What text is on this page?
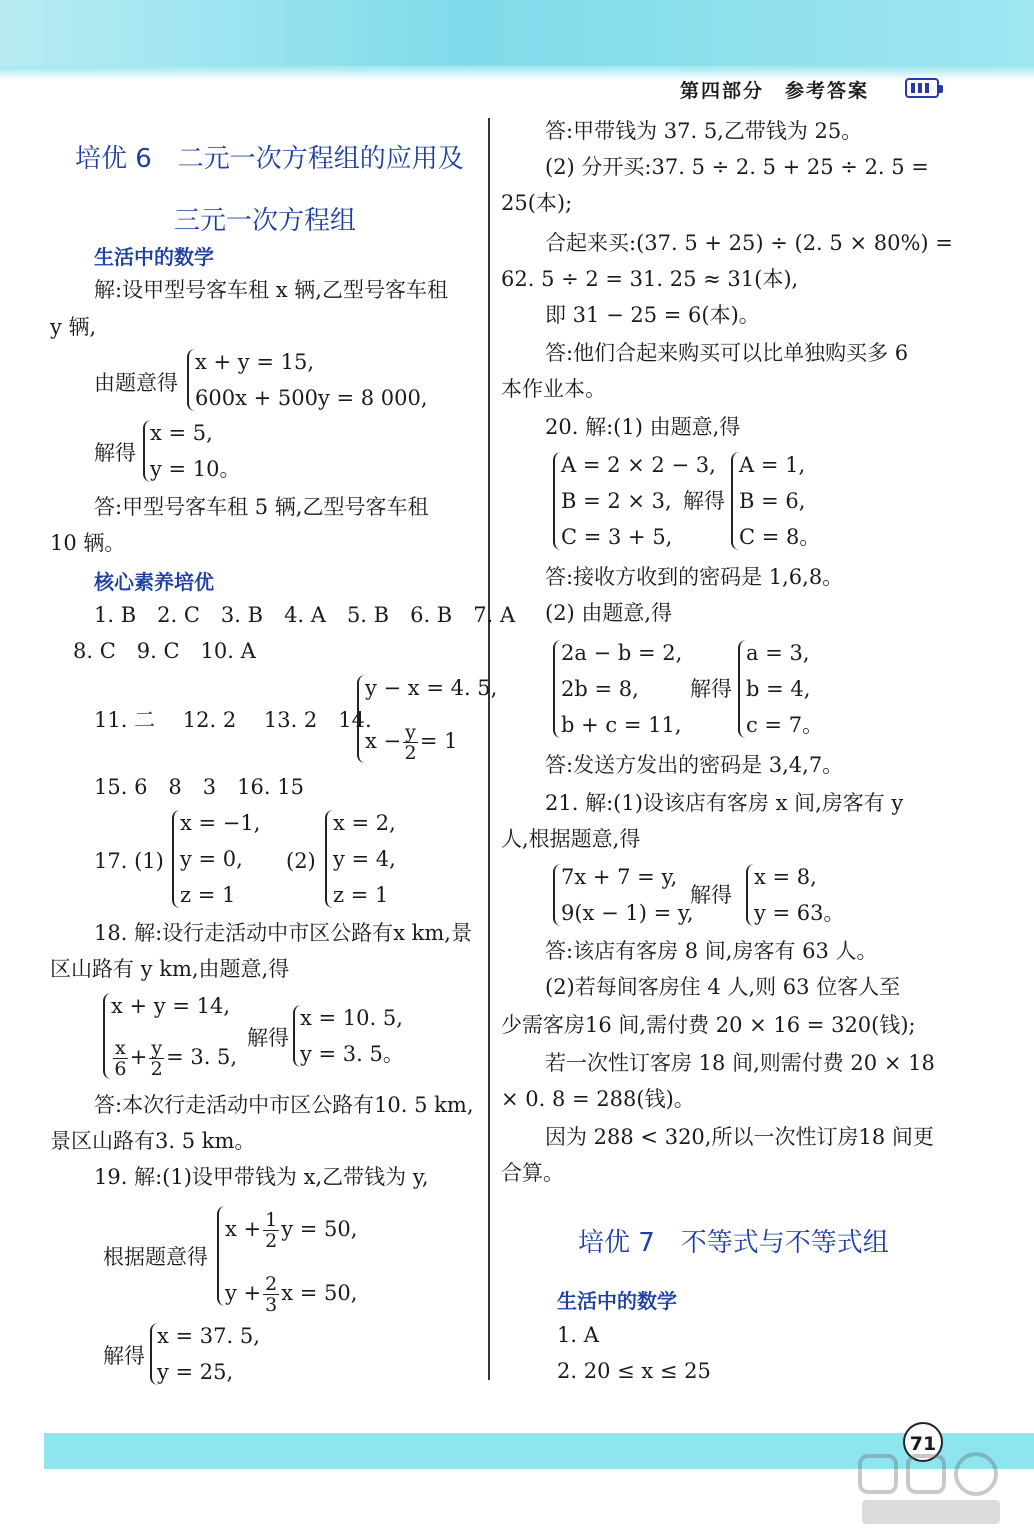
第四部分　参考答案
培优 6　二元一次方程组的应用及
三元一次方程组
生活中的数学
解:设甲型号客车租 x 辆,乙型号客车租
y 辆,
由题意得
x + y = 15,
600x + 500y = 8 000,
解得
x = 5,
y = 10。
答:甲型号客车租 5 辆,乙型号客车租
10 辆。
核心素养培优
1. B　2. C　3. B　4. A　5. B　6. B　7. A
8. C　9. C　10. A
11. 二　 12. 2　 13. 2　14.
y − x = 4. 5,
$x - \frac{y}{2} = 1$
15. 6　8　3　16. 15
17. (1)
x = −1,
y = 0,
z = 1
(2)
x = 2,
y = 4,
z = 1
18. 解:设行走活动中市区公路有x km,景
区山路有 y km,由题意,得
x + y = 14,
$\frac{x}{6} + \frac{y}{2} = 3$. 5,
解得
x = 10. 5,
y = 3. 5。
答:本次行走活动中市区公路有10. 5 km,
景区山路有3. 5 km。
19. 解:(1)设甲带钱为 x,乙带钱为 y,
根据题意得
$x + \frac{1}{2}$ y = 50,
$y + \frac{2}{3}$ x = 50,
解得
x = 37. 5,
y = 25,
答:甲带钱为 37. 5,乙带钱为 25。
(2) 分开买:37. 5 ÷ 2. 5 + 25 ÷ 2. 5 =
25(本);
合起来买:(37. 5 + 25) ÷ (2. 5 × 80%) =
62. 5 ÷ 2 = 31. 25 ≈ 31(本),
即 31 − 25 = 6(本)。
答:他们合起来购买可以比单独购买多 6
本作业本。
20. 解:(1) 由题意,得
A = 2 × 2 − 3,
B = 2 × 3,
C = 3 + 5,
解得
A = 1,
B = 6,
C = 8。
答:接收方收到的密码是 1,6,8。
(2) 由题意,得
2a − b = 2,
2b = 8,
b + c = 11,
解得
a = 3,
b = 4,
c = 7。
答:发送方发出的密码是 3,4,7。
21. 解:(1)设该店有客房 x 间,房客有 y
人,根据题意,得
7x + 7 = y,
9(x − 1) = y,
解得
x = 8,
y = 63。
答:该店有客房 8 间,房客有 63 人。
(2)若每间客房住 4 人,则 63 位客人至
少需客房16 间,需付费 20 × 16 = 320(钱);
若一次性订客房 18 间,则需付费 20 × 18
× 0. 8 = 288(钱)。
因为 288 < 320,所以一次性订房18 间更
合算。
培优 7　不等式与不等式组
生活中的数学
1. A
2. 20 ≤ x ≤ 25
71
